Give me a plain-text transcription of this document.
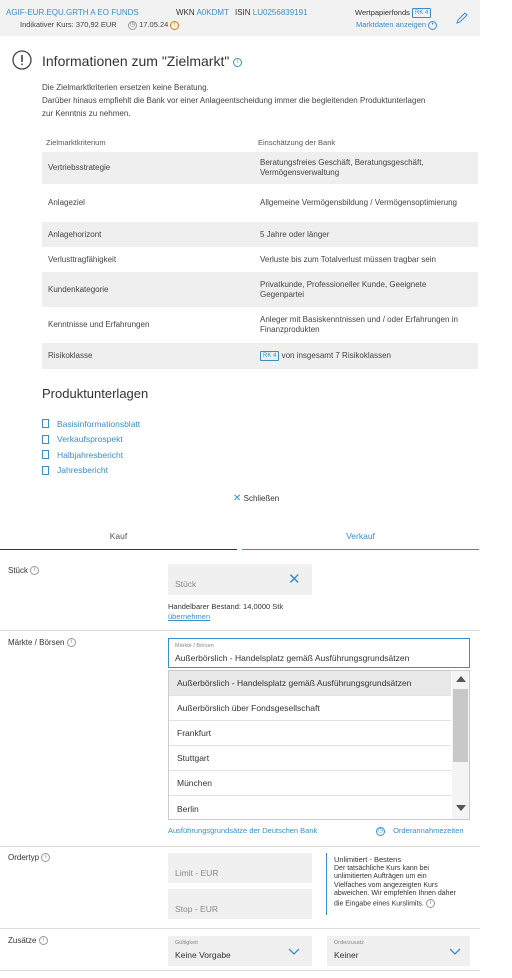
AGIF-EUR.EQU.GRTH A EO FUNDS	WKN A0KDMT ISIN LU0256839191
Indikativer Kurs: 370,92 EUR	◷ 17.05.24 !
Wertpapierfonds RK 4
Marktdaten anzeigen •
Informationen zum "Zielmarkt" i
Die Zielmarktkriterien ersetzen keine Beratung.
Darüber hinaus empfiehlt die Bank vor einer Anlageentscheidung immer die begleitenden Produktunterlagen
zur Kenntnis zu nehmen.
Zielmarktkriterium	Einschätzung der Bank
Vertriebsstrategie	Beratungsfreies Geschäft, Beratungsgeschäft, Vermögensverwaltung
Anlageziel	Allgemeine Vermögensbildung / Vermögensoptimierung
Anlagehorizont	5 Jahre oder länger
Verlusttragfähigkeit	Verluste bis zum Totalverlust müssen tragbar sein
Kundenkategorie	Privatkunde, Professioneller Kunde, Geeignete Gegenpartei
Kenntnisse und Erfahrungen	Anleger mit Basiskenntnissen und / oder Erfahrungen in Finanzprodukten
Risikoklasse	RK 4 von insgesamt 7 Risikoklassen
Produktunterlagen
Basisinformationsblatt
Verkaufsprospekt
Halbjahresbericht
Jahresbericht
✕ Schließen
Kauf	Verkauf
Stück i
Stück	✕
Handelbarer Bestand: 14,0000 Stk
übernehmen
Märkte / Börsen i
Märkte / Börsen
Außerbörslich - Handelsplatz gemäß Ausführungsgrundsätzen
Außerbörslich - Handelsplatz gemäß Ausführungsgrundsätzen
Außerbörslich über Fondsgesellschaft
Frankfurt
Stuttgart
München
Berlin
Ausführungsgrundsätze der Deutschen Bank	◷ Orderannahmezeiten
Ordertyp i
Limit - EUR
Stop - EUR
Unlimitiert - Bestens
Der tatsächliche Kurs kann bei
unlimitierten Aufträgen um ein
Vielfaches vom angezeigten Kurs
abweichen. Wir empfehlen Ihnen daher
die Eingabe eines Kurslimits. i
Zusätze i	Gültigkeit
Keine Vorgabe
Orderzusatz
Keiner
